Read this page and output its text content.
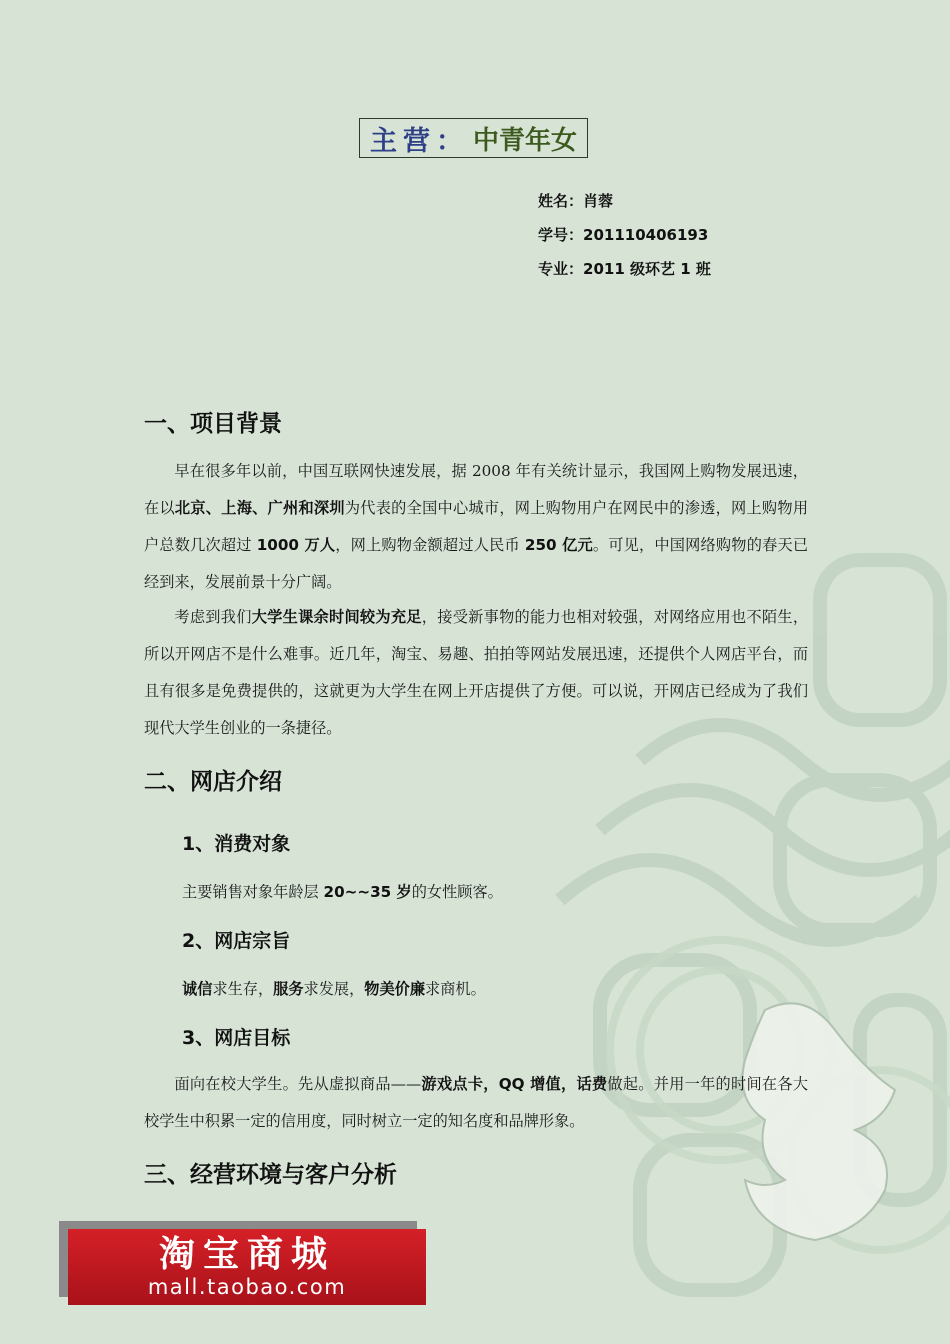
主营： 中青年女
姓名：肖蓉
学号：201110406193
专业：2011 级环艺 1 班
一、项目背景
早在很多年以前，中国互联网快速发展，据 2008 年有关统计显示，我国网上购物发展迅速，在以北京、上海、广州和深圳为代表的全国中心城市，网上购物用户在网民中的渗透，网上购物用户总数几次超过 1000 万人，网上购物金额超过人民币 250 亿元。可见，中国网络购物的春天已经到来，发展前景十分广阔。
考虑到我们大学生课余时间较为充足，接受新事物的能力也相对较强，对网络应用也不陌生，所以开网店不是什么难事。近几年，淘宝、易趣、拍拍等网站发展迅速，还提供个人网店平台，而且有很多是免费提供的，这就更为大学生在网上开店提供了方便。可以说，开网店已经成为了我们现代大学生创业的一条捷径。
二、网店介绍
1、消费对象
主要销售对象年龄层 20~~35 岁的女性顾客。
2、网店宗旨
诚信求生存，服务求发展，物美价廉求商机。
3、网店目标
面向在校大学生。先从虚拟商品——游戏点卡，QQ 增值，话费做起。并用一年的时间在各大校学生中积累一定的信用度，同时树立一定的知名度和品牌形象。
三、经营环境与客户分析
淘宝商城
mall.taobao.com
